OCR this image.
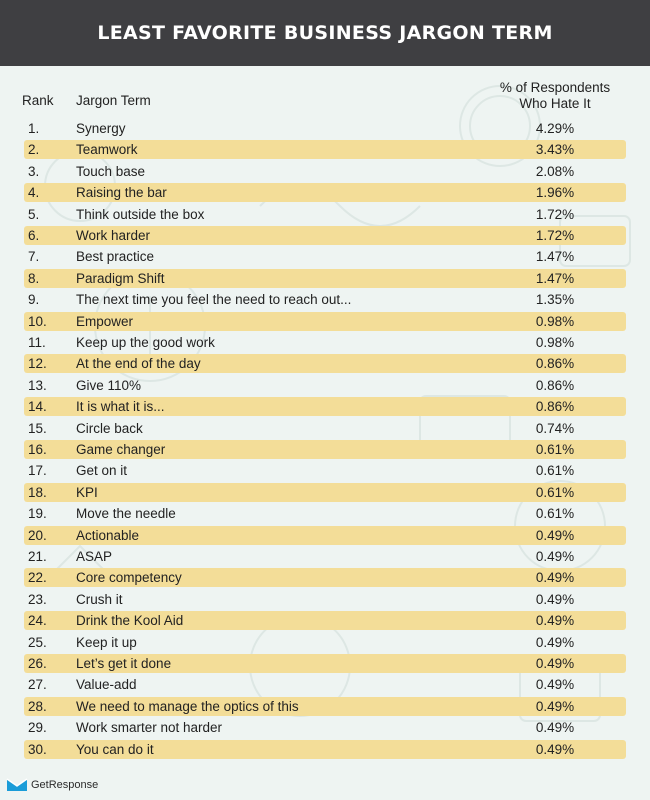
LEAST FAVORITE BUSINESS JARGON TERM
Rank Jargon Term
% of Respondents
Who Hate It
1.	Synergy	4.29%
2.	Teamwork	3.43%
3.	Touch base	2.08%
4.	Raising the bar	1.96%
5.	Think outside the box	1.72%
6.	Work harder	1.72%
7.	Best practice	1.47%
8.	Paradigm Shift	1.47%
9.	The next time you feel the need to reach out...	1.35%
10. Empower	0.98%
11. Keep up the good work	0.98%
12. At the end of the day	0.86%
13. Give 110%	0.86%
14. It is what it is...	0.86%
15. Circle back	0.74%
16. Game changer	0.61%
17. Get on it	0.61%
18. KPI	0.61%
19. Move the needle	0.61%
20. Actionable	0.49%
21. ASAP	0.49%
22. Core competency	0.49%
23. Crush it	0.49%
24. Drink the Kool Aid	0.49%
25. Keep it up	0.49%
26. Let’s get it done	0.49%
27. Value-add	0.49%
28. We need to manage the optics of this	0.49%
29. Work smarter not harder	0.49%
30. You can do it	0.49%
GetResponse
